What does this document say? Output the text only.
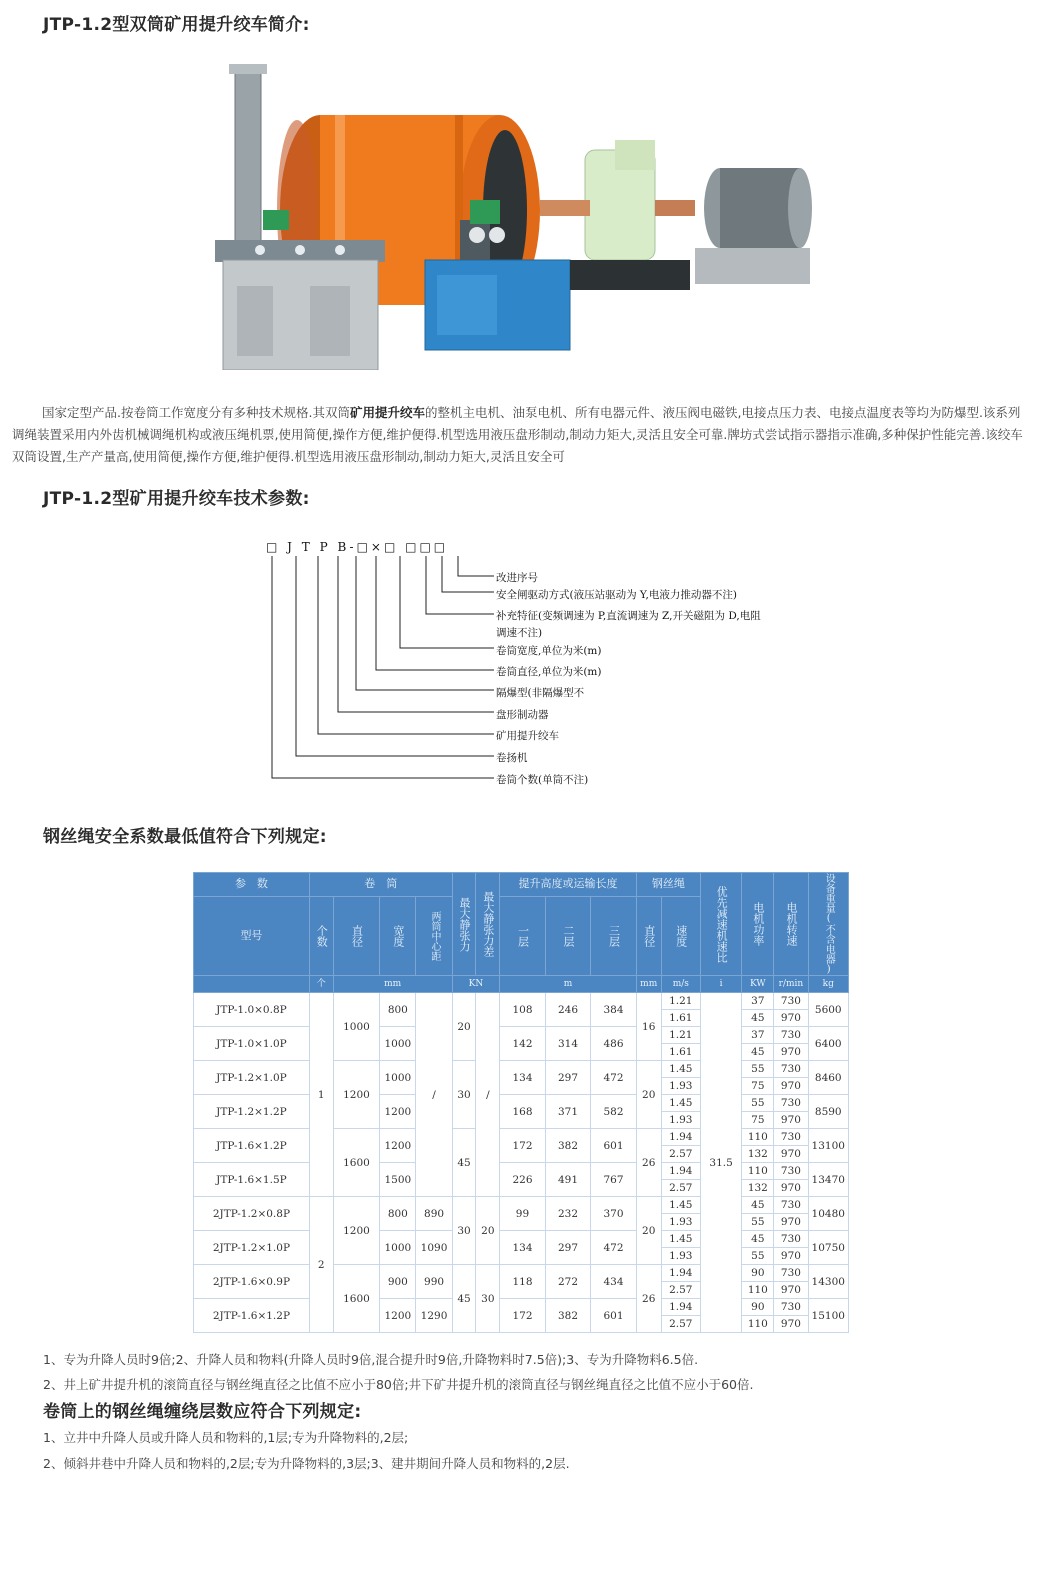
JTP-1.2型双筒矿用提升绞车简介:

国家定型产品.按卷筒工作宽度分有多种技术规格.其双筒矿用提升绞车的整机主电机、油泵电机、所有电器元件、液压阀电磁铁,电接点压力表、电接点温度表等均为防爆型.该系列调绳装置采用内外齿机械调绳机构或液压绳机票,使用简便,操作方便,维护便得.机型选用液压盘形制动,制动力矩大,灵活且安全可靠.牌坊式尝试指示器指示准确,多种保护性能完善.该绞车双筒设置,生产产量高,使用简便,操作方便,维护便得.机型选用液压盘形制动,制动力矩大,灵活且安全可

JTP-1.2型矿用提升绞车技术参数:
□ J T P B-□×□ □□□
改进序号
安全闸驱动方式(液压站驱动为 Y,电液力推动器不注)
补充特征(变频调速为 P,直流调速为 Z,开关磁阻为 D,电阻
调速不注)
卷筒宽度,单位为米(m)
卷筒直径,单位为米(m)
隔爆型(非隔爆型不
盘形制动器
矿用提升绞车
卷扬机
卷筒个数(单筒不注)
钢丝绳安全系数最低值符合下列规定:
参　数	卷　筒				最大静张力	最大静张力差	提升高度或运输长度			钢丝绳		优先减速机速比	电机功率	电机转速	设备重量(不含电器)

型号	个数	直径	宽度	两筒中心距			一层	二层	三层	直径	速度				

	个	mm			KN		m			mm	m/s	i	KW	r/min	kg
JTP-1.0×0.8P	1	1000	800	/	20	/	108	246	384	16	1.21	31.5	37	730	5600
											1.61		45	970	
JTP-1.0×1.0P			1000				142	314	486		1.21		37	730	6400
											1.61		45	970	
JTP-1.2×1.0P		1200	1000		30		134	297	472	20	1.45		55	730	8460
											1.93		75	970	
JTP-1.2×1.2P			1200				168	371	582		1.45		55	730	8590
											1.93		75	970	
JTP-1.6×1.2P		1600	1200		45		172	382	601	26	1.94		110	730	13100
											2.57		132	970	
JTP-1.6×1.5P			1500				226	491	767		1.94		110	730	13470
											2.57		132	970	
2JTP-1.2×0.8P	2	1200	800	890	30	20	99	232	370	20	1.45		45	730	10480
											1.93		55	970	
2JTP-1.2×1.0P			1000	1090			134	297	472		1.45		45	730	10750
											1.93		55	970	
2JTP-1.6×0.9P		1600	900	990	45	30	118	272	434	26	1.94		90	730	14300
											2.57		110	970	
2JTP-1.6×1.2P			1200	1290			172	382	601		1.94		90	730	15100
											2.57		110	970	

1、专为升降人员时9倍;2、升降人员和物料(升降人员时9倍,混合提升时9倍,升降物料时7.5倍);3、专为升降物料6.5倍.

2、井上矿井提升机的滚筒直径与钢丝绳直径之比值不应小于80倍;井下矿井提升机的滚筒直径与钢丝绳直径之比值不应小于60倍.

卷筒上的钢丝绳缠绕层数应符合下列规定:

1、立井中升降人员或升降人员和物料的,1层;专为升降物料的,2层;

2、倾斜井巷中升降人员和物料的,2层;专为升降物料的,3层;3、建井期间升降人员和物料的,2层.
